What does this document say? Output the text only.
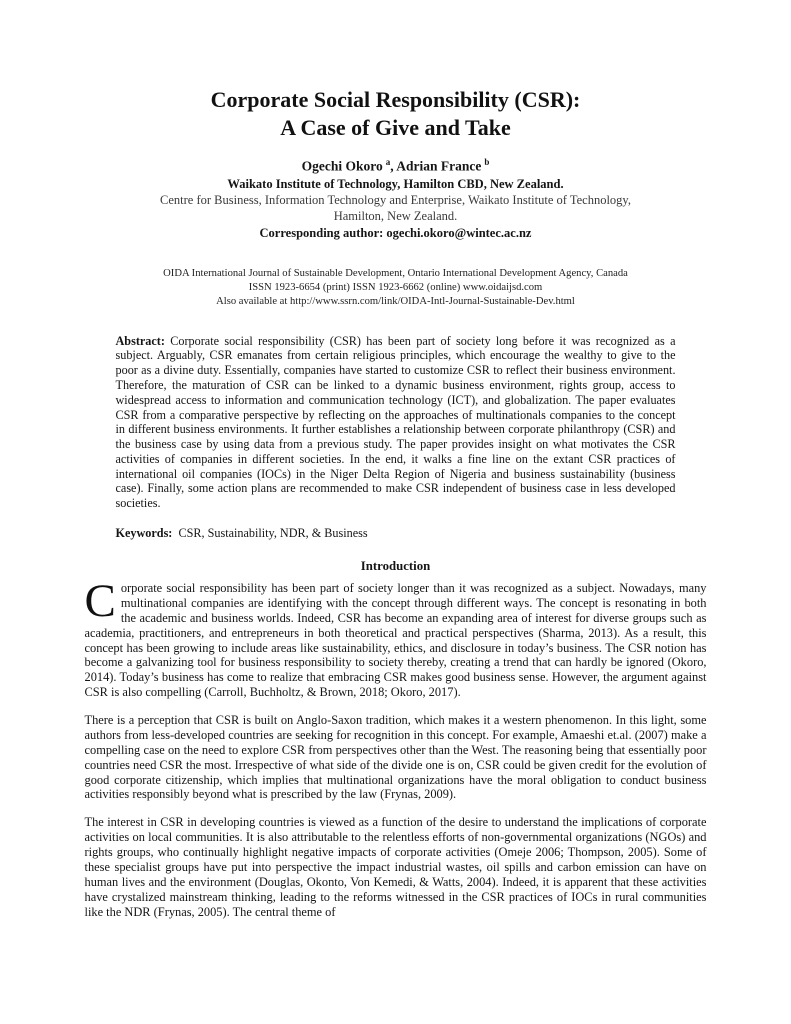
Corporate Social Responsibility (CSR):
A Case of Give and Take

Ogechi Okoro $^a$, Adrian France $^b$

Waikato Institute of Technology, Hamilton CBD, New Zealand.

Centre for Business, Information Technology and Enterprise, Waikato Institute of Technology,

Hamilton, New Zealand.

Corresponding author: ogechi.okoro@wintec.ac.nz

OIDA International Journal of Sustainable Development, Ontario International Development Agency, Canada

ISSN 1923-6654 (print) ISSN 1923-6662 (online) www.oidaijsd.com

Also available at http://www.ssrn.com/link/OIDA-Intl-Journal-Sustainable-Dev.html

Abstract: Corporate social responsibility (CSR) has been part of society long before it was recognized as a subject. Arguably, CSR emanates from certain religious principles, which encourage the wealthy to give to the poor as a divine duty. Essentially, companies have started to customize CSR to reflect their business environment. Therefore, the maturation of CSR can be linked to a dynamic business environment, rights group, access to widespread access to information and communication technology (ICT), and globalization. The paper evaluates CSR from a comparative perspective by reflecting on the approaches of multinationals companies to the concept in different business environments. It further establishes a relationship between corporate philanthropy (CSR) and the business case by using data from a previous study. The paper provides insight on what motivates the CSR activities of companies in different societies. In the end, it walks a fine line on the extant CSR practices of international oil companies (IOCs) in the Niger Delta Region of Nigeria and business sustainability (business case). Finally, some action plans are recommended to make CSR independent of business case in less developed societies.

Keywords: CSR, Sustainability, NDR, & Business

Introduction

Corporate social responsibility has been part of society longer than it was recognized as a subject. Nowadays, many multinational companies are identifying with the concept through different ways. The concept is resonating in both the academic and business worlds. Indeed, CSR has become an expanding area of interest for diverse groups such as academia, practitioners, and entrepreneurs in both theoretical and practical perspectives (Sharma, 2013). As a result, this concept has been growing to include areas like sustainability, ethics, and disclosure in today’s business. The CSR notion has become a galvanizing tool for business responsibility to society thereby, creating a trend that can hardly be ignored (Okoro, 2014). Today’s business has come to realize that embracing CSR makes good business sense. However, the argument against CSR is also compelling (Carroll, Buchholtz, & Brown, 2018; Okoro, 2017).

There is a perception that CSR is built on Anglo-Saxon tradition, which makes it a western phenomenon. In this light, some authors from less-developed countries are seeking for recognition in this concept. For example, Amaeshi et.al. (2007) make a compelling case on the need to explore CSR from perspectives other than the West. The reasoning being that essentially poor countries need CSR the most. Irrespective of what side of the divide one is on, CSR could be given credit for the evolution of good corporate citizenship, which implies that multinational organizations have the moral obligation to conduct business activities responsibly beyond what is prescribed by the law (Frynas, 2009).

The interest in CSR in developing countries is viewed as a function of the desire to understand the implications of corporate activities on local communities. It is also attributable to the relentless efforts of non-governmental organizations (NGOs) and rights groups, who continually highlight negative impacts of corporate activities (Omeje 2006; Thompson, 2005). Some of these specialist groups have put into perspective the impact industrial wastes, oil spills and carbon emission can have on human lives and the environment (Douglas, Okonto, Von Kemedi, & Watts, 2004). Indeed, it is apparent that these activities have crystalized mainstream thinking, leading to the reforms witnessed in the CSR practices of IOCs in rural communities like the NDR (Frynas, 2005). The central theme of
